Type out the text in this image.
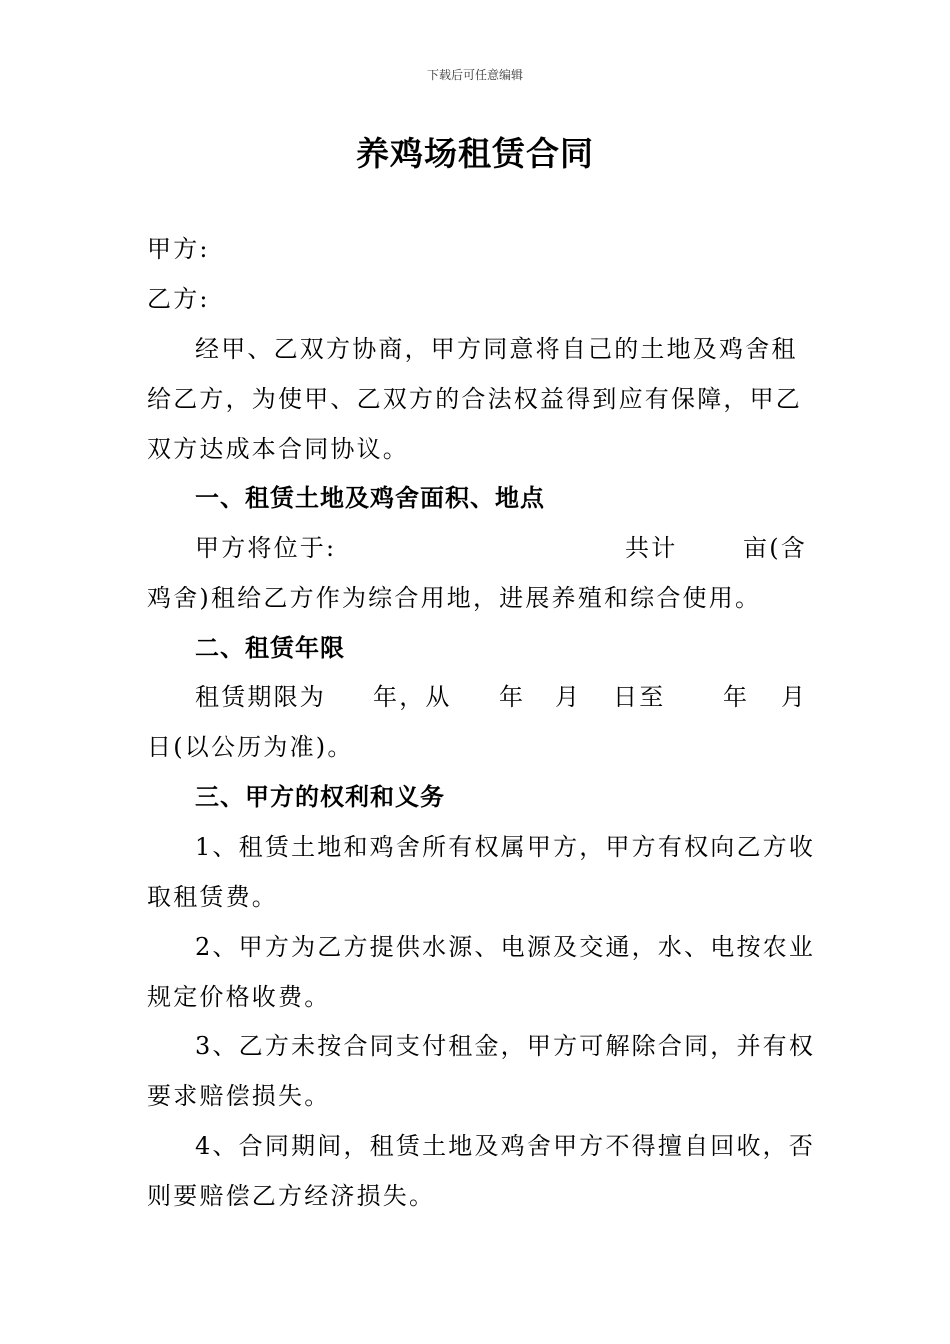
下载后可任意编辑
养鸡场租赁合同
甲方:
乙方:
经甲、乙双方协商，甲方同意将自己的土地及鸡舍租
给乙方，为使甲、乙双方的合法权益得到应有保障，甲乙
双方达成本合同协议。
一、租赁土地及鸡舍面积、地点
甲方将位于:	共计	亩(含
鸡舍)租给乙方作为综合用地，进展养殖和综合使用。
二、租赁年限
租赁期限为 年，从 年 月 日至 年 月
日(以公历为准)。
三、甲方的权利和义务
1、租赁土地和鸡舍所有权属甲方，甲方有权向乙方收
取租赁费。
2、甲方为乙方提供水源、电源及交通，水、电按农业
规定价格收费。
3、乙方未按合同支付租金，甲方可解除合同，并有权
要求赔偿损失。
4、合同期间，租赁土地及鸡舍甲方不得擅自回收，否
则要赔偿乙方经济损失。
